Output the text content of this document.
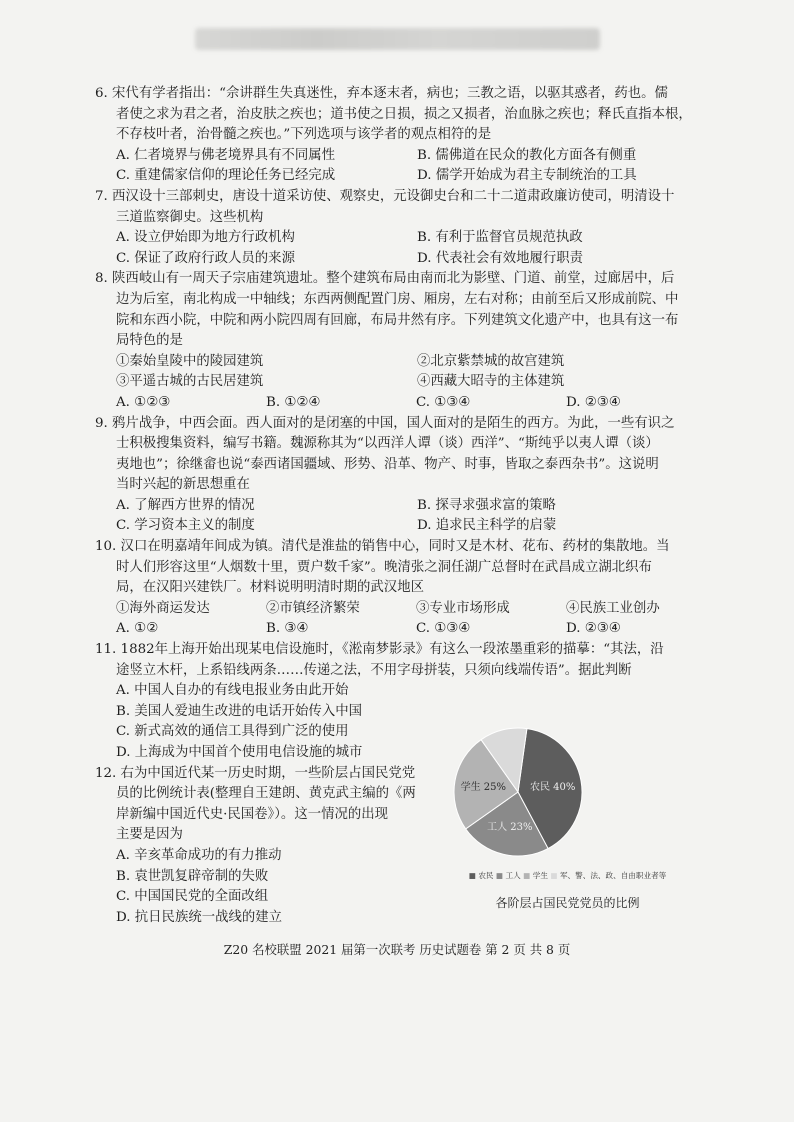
6. 宋代有学者指出：“佘讲群生失真迷性，弃本逐末者，病也；三教之语，以驱其惑者，药也。儒
者使之求为君之者，治皮肤之疾也；道书使之日损，损之又损者，治血脉之疾也；释氏直指本根，
不存枝叶者，治骨髓之疾也。”下列选项与该学者的观点相符的是
A. 仁者境界与佛老境界具有不同属性	B. 儒佛道在民众的教化方面各有侧重
C. 重建儒家信仰的理论任务已经完成	D. 儒学开始成为君主专制统治的工具
7. 西汉设十三部刺史，唐设十道采访使、观察史，元设御史台和二十二道肃政廉访使司，明清设十
三道监察御史。这些机构
A. 设立伊始即为地方行政机构	B. 有利于监督官员规范执政
C. 保证了政府行政人员的来源	D. 代表社会有效地履行职责
8. 陕西岐山有一周天子宗庙建筑遗址。整个建筑布局由南而北为影壁、门道、前堂，过廊居中，后
边为后室，南北构成一中轴线；东西两侧配置门房、厢房，左右对称；由前至后又形成前院、中
院和东西小院，中院和两小院四周有回廊，布局井然有序。下列建筑文化遗产中，也具有这一布
局特色的是
①秦始皇陵中的陵园建筑	②北京紫禁城的故宫建筑
③平遥古城的古民居建筑	④西藏大昭寺的主体建筑
A. ①②③	B. ①②④	C. ①③④	D. ②③④
9. 鸦片战争，中西会面。西人面对的是闭塞的中国，国人面对的是陌生的西方。为此，一些有识之
士积极搜集资料，编写书籍。魏源称其为“以西洋人谭（谈）西洋”、“斯纯乎以夷人谭（谈）
夷地也”；徐继畲也说“泰西诸国疆域、形势、沿革、物产、时事，皆取之泰西杂书”。这说明
当时兴起的新思想重在
A. 了解西方世界的情况	B. 探寻求强求富的策略
C. 学习资本主义的制度	D. 追求民主科学的启蒙
10. 汉口在明嘉靖年间成为镇。清代是淮盐的销售中心，同时又是木材、花布、药材的集散地。当
时人们形容这里“人烟数十里，贾户数千家”。晚清张之洞任湖广总督时在武昌成立湖北织布
局，在汉阳兴建铁厂。材料说明明清时期的武汉地区
①海外商运发达	②市镇经济繁荣	③专业市场形成	④民族工业创办
A. ①②	B. ③④	C. ①③④	D. ②③④
11. 1882年上海开始出现某电信设施时，《淞南梦影录》有这么一段浓墨重彩的描摹：“其法，沿
途竖立木杆，上系铅线两条……传递之法，不用字母拼装，只须向线端传语”。据此判断
A. 中国人自办的有线电报业务由此开始
B. 美国人爱迪生改进的电话开始传入中国
C. 新式高效的通信工具得到广泛的使用
D. 上海成为中国首个使用电信设施的城市
12. 右为中国近代某一历史时期，一些阶层占国民党党
员的比例统计表(整理自王建朗、黄克武主编的《两
岸新编中国近代史·民国卷》）。这一情况的出现
主要是因为
A. 辛亥革命成功的有力推动
B. 袁世凯复辟帝制的失败
C. 中国国民党的全面改组
D. 抗日民族统一战线的建立
农民 40%
工人 23%
学生 25%
■ 农民 ■ 工人 ■ 学生 ■ 军、警、法、政、自由职业者等
各阶层占国民党党员的比例
Z20 名校联盟 2021 届第一次联考 历史试题卷 第 2 页 共 8 页
